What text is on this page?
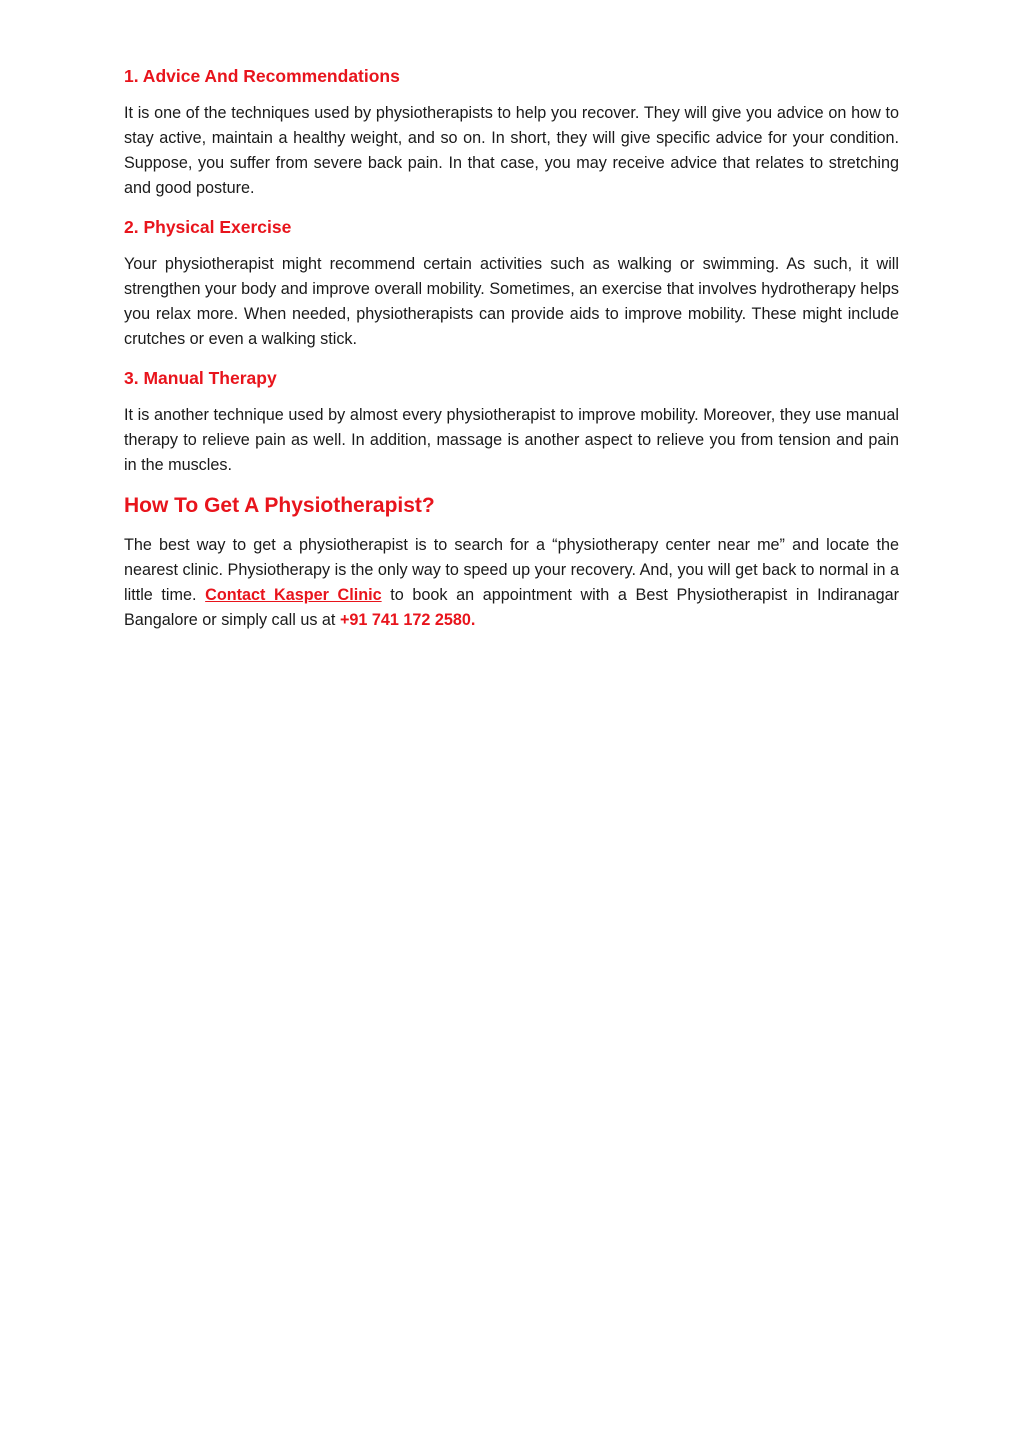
1. Advice And Recommendations

It is one of the techniques used by physiotherapists to help you recover. They will give you advice on how to stay active, maintain a healthy weight, and so on. In short, they will give specific advice for your condition. Suppose, you suffer from severe back pain. In that case, you may receive advice that relates to stretching and good posture.

2. Physical Exercise

Your physiotherapist might recommend certain activities such as walking or swimming. As such, it will strengthen your body and improve overall mobility. Sometimes, an exercise that involves hydrotherapy helps you relax more. When needed, physiotherapists can provide aids to improve mobility. These might include crutches or even a walking stick.

3. Manual Therapy

It is another technique used by almost every physiotherapist to improve mobility. Moreover, they use manual therapy to relieve pain as well. In addition, massage is another aspect to relieve you from tension and pain in the muscles.

How To Get A Physiotherapist?

The best way to get a physiotherapist is to search for a “physiotherapy center near me” and locate the nearest clinic. Physiotherapy is the only way to speed up your recovery. And, you will get back to normal in a little time. Contact Kasper Clinic to book an appointment with a Best Physiotherapist in Indiranagar Bangalore or simply call us at +91 741 172 2580.
